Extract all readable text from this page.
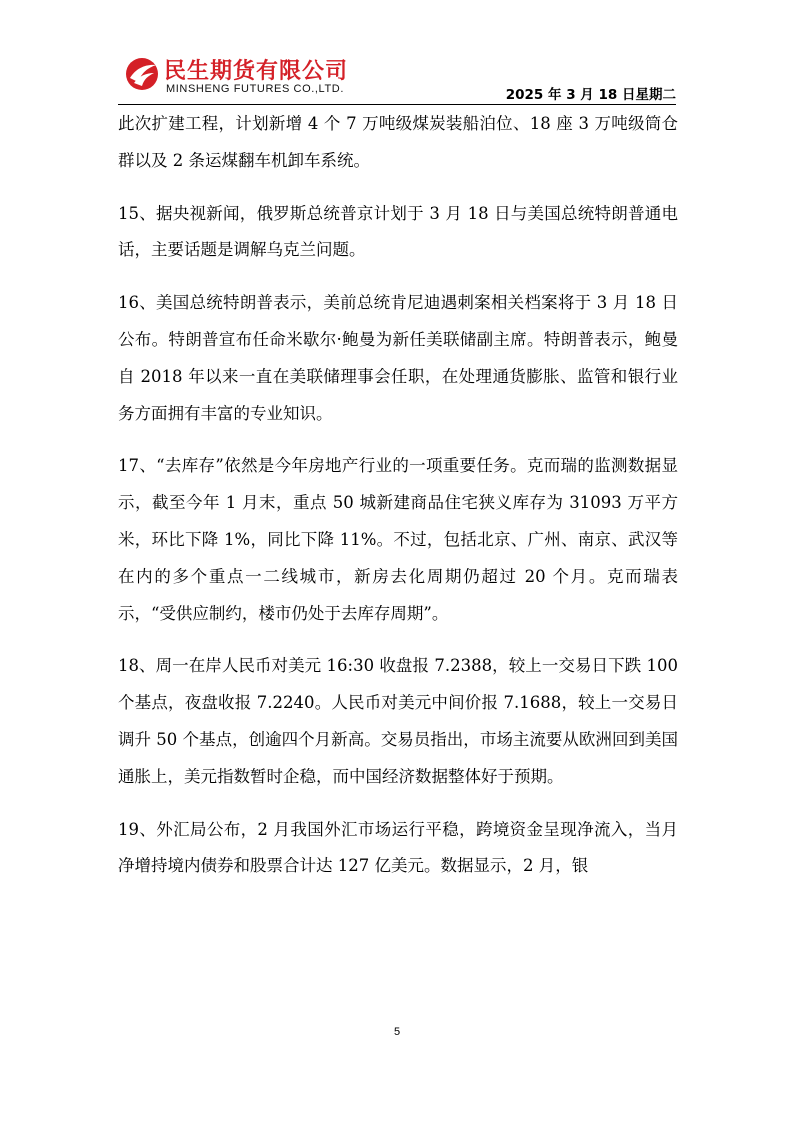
民生期货有限公司
MINSHENG FUTURES CO.,LTD.	2025 年 3 月 18 日星期二

此次扩建工程，计划新增 4 个 7 万吨级煤炭装船泊位、18 座 3 万吨级筒仓群以及 2 条运煤翻车机卸车系统。

15、据央视新闻，俄罗斯总统普京计划于 3 月 18 日与美国总统特朗普通电话，主要话题是调解乌克兰问题。

16、美国总统特朗普表示，美前总统肯尼迪遇刺案相关档案将于 3 月 18 日公布。特朗普宣布任命米歇尔·鲍曼为新任美联储副主席。特朗普表示，鲍曼自 2018 年以来一直在美联储理事会任职，在处理通货膨胀、监管和银行业务方面拥有丰富的专业知识。

17、“去库存”依然是今年房地产行业的一项重要任务。克而瑞的监测数据显示，截至今年 1 月末，重点 50 城新建商品住宅狭义库存为 31093 万平方米，环比下降 1%，同比下降 11%。不过，包括北京、广州、南京、武汉等在内的多个重点一二线城市，新房去化周期仍超过 20 个月。克而瑞表示，“受供应制约，楼市仍处于去库存周期”。

18、周一在岸人民币对美元 16:30 收盘报 7.2388，较上一交易日下跌 100 个基点，夜盘收报 7.2240。人民币对美元中间价报 7.1688，较上一交易日调升 50 个基点，创逾四个月新高。交易员指出，市场主流要从欧洲回到美国通胀上，美元指数暂时企稳，而中国经济数据整体好于预期。

19、外汇局公布，2 月我国外汇市场运行平稳，跨境资金呈现净流入，当月净增持境内债券和股票合计达 127 亿美元。数据显示，2 月，银

5
